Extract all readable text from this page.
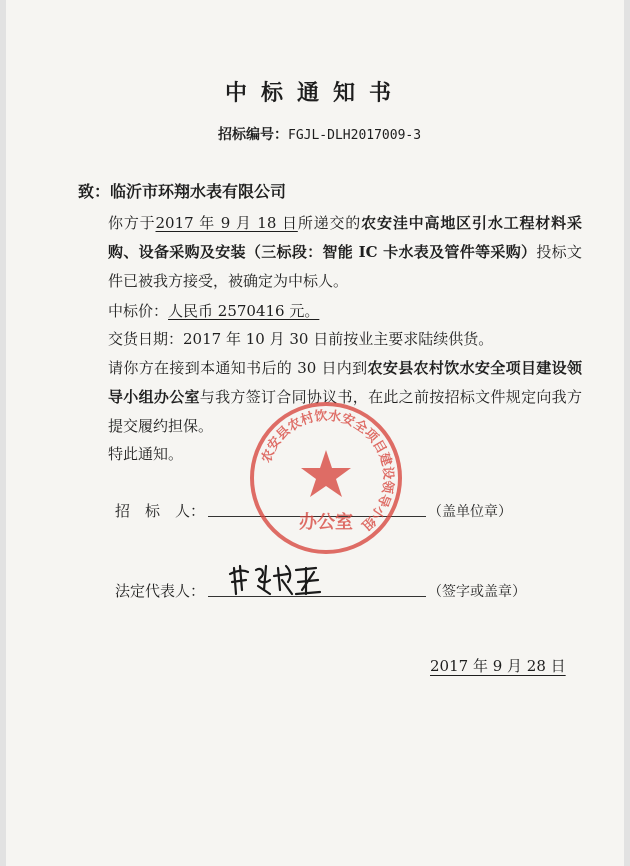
中标通知书
招标编号：FGJL-DLH2017009-3
致：临沂市环翔水表有限公司
你方于2017 年 9 月 18 日所递交的农安洼中高地区引水工程材料采购、设备采购及安装（三标段：智能 IC 卡水表及管件等采购）投标文件已被我方接受，被确定为中标人。
中标价：人民币 2570416 元。
交货日期：2017 年 10 月 30 日前按业主要求陆续供货。
请你方在接到本通知书后的 30 日内到农安县农村饮水安全项目建设领导小组办公室与我方签订合同协议书，在此之前按招标文件规定向我方提交履约担保。
特此通知。
招　标　人：	（盖单位章）
法定代表人：	（签字或盖章）
2017 年 9 月 28 日
农安县农村饮水安全项目建设领导小组
办公室
